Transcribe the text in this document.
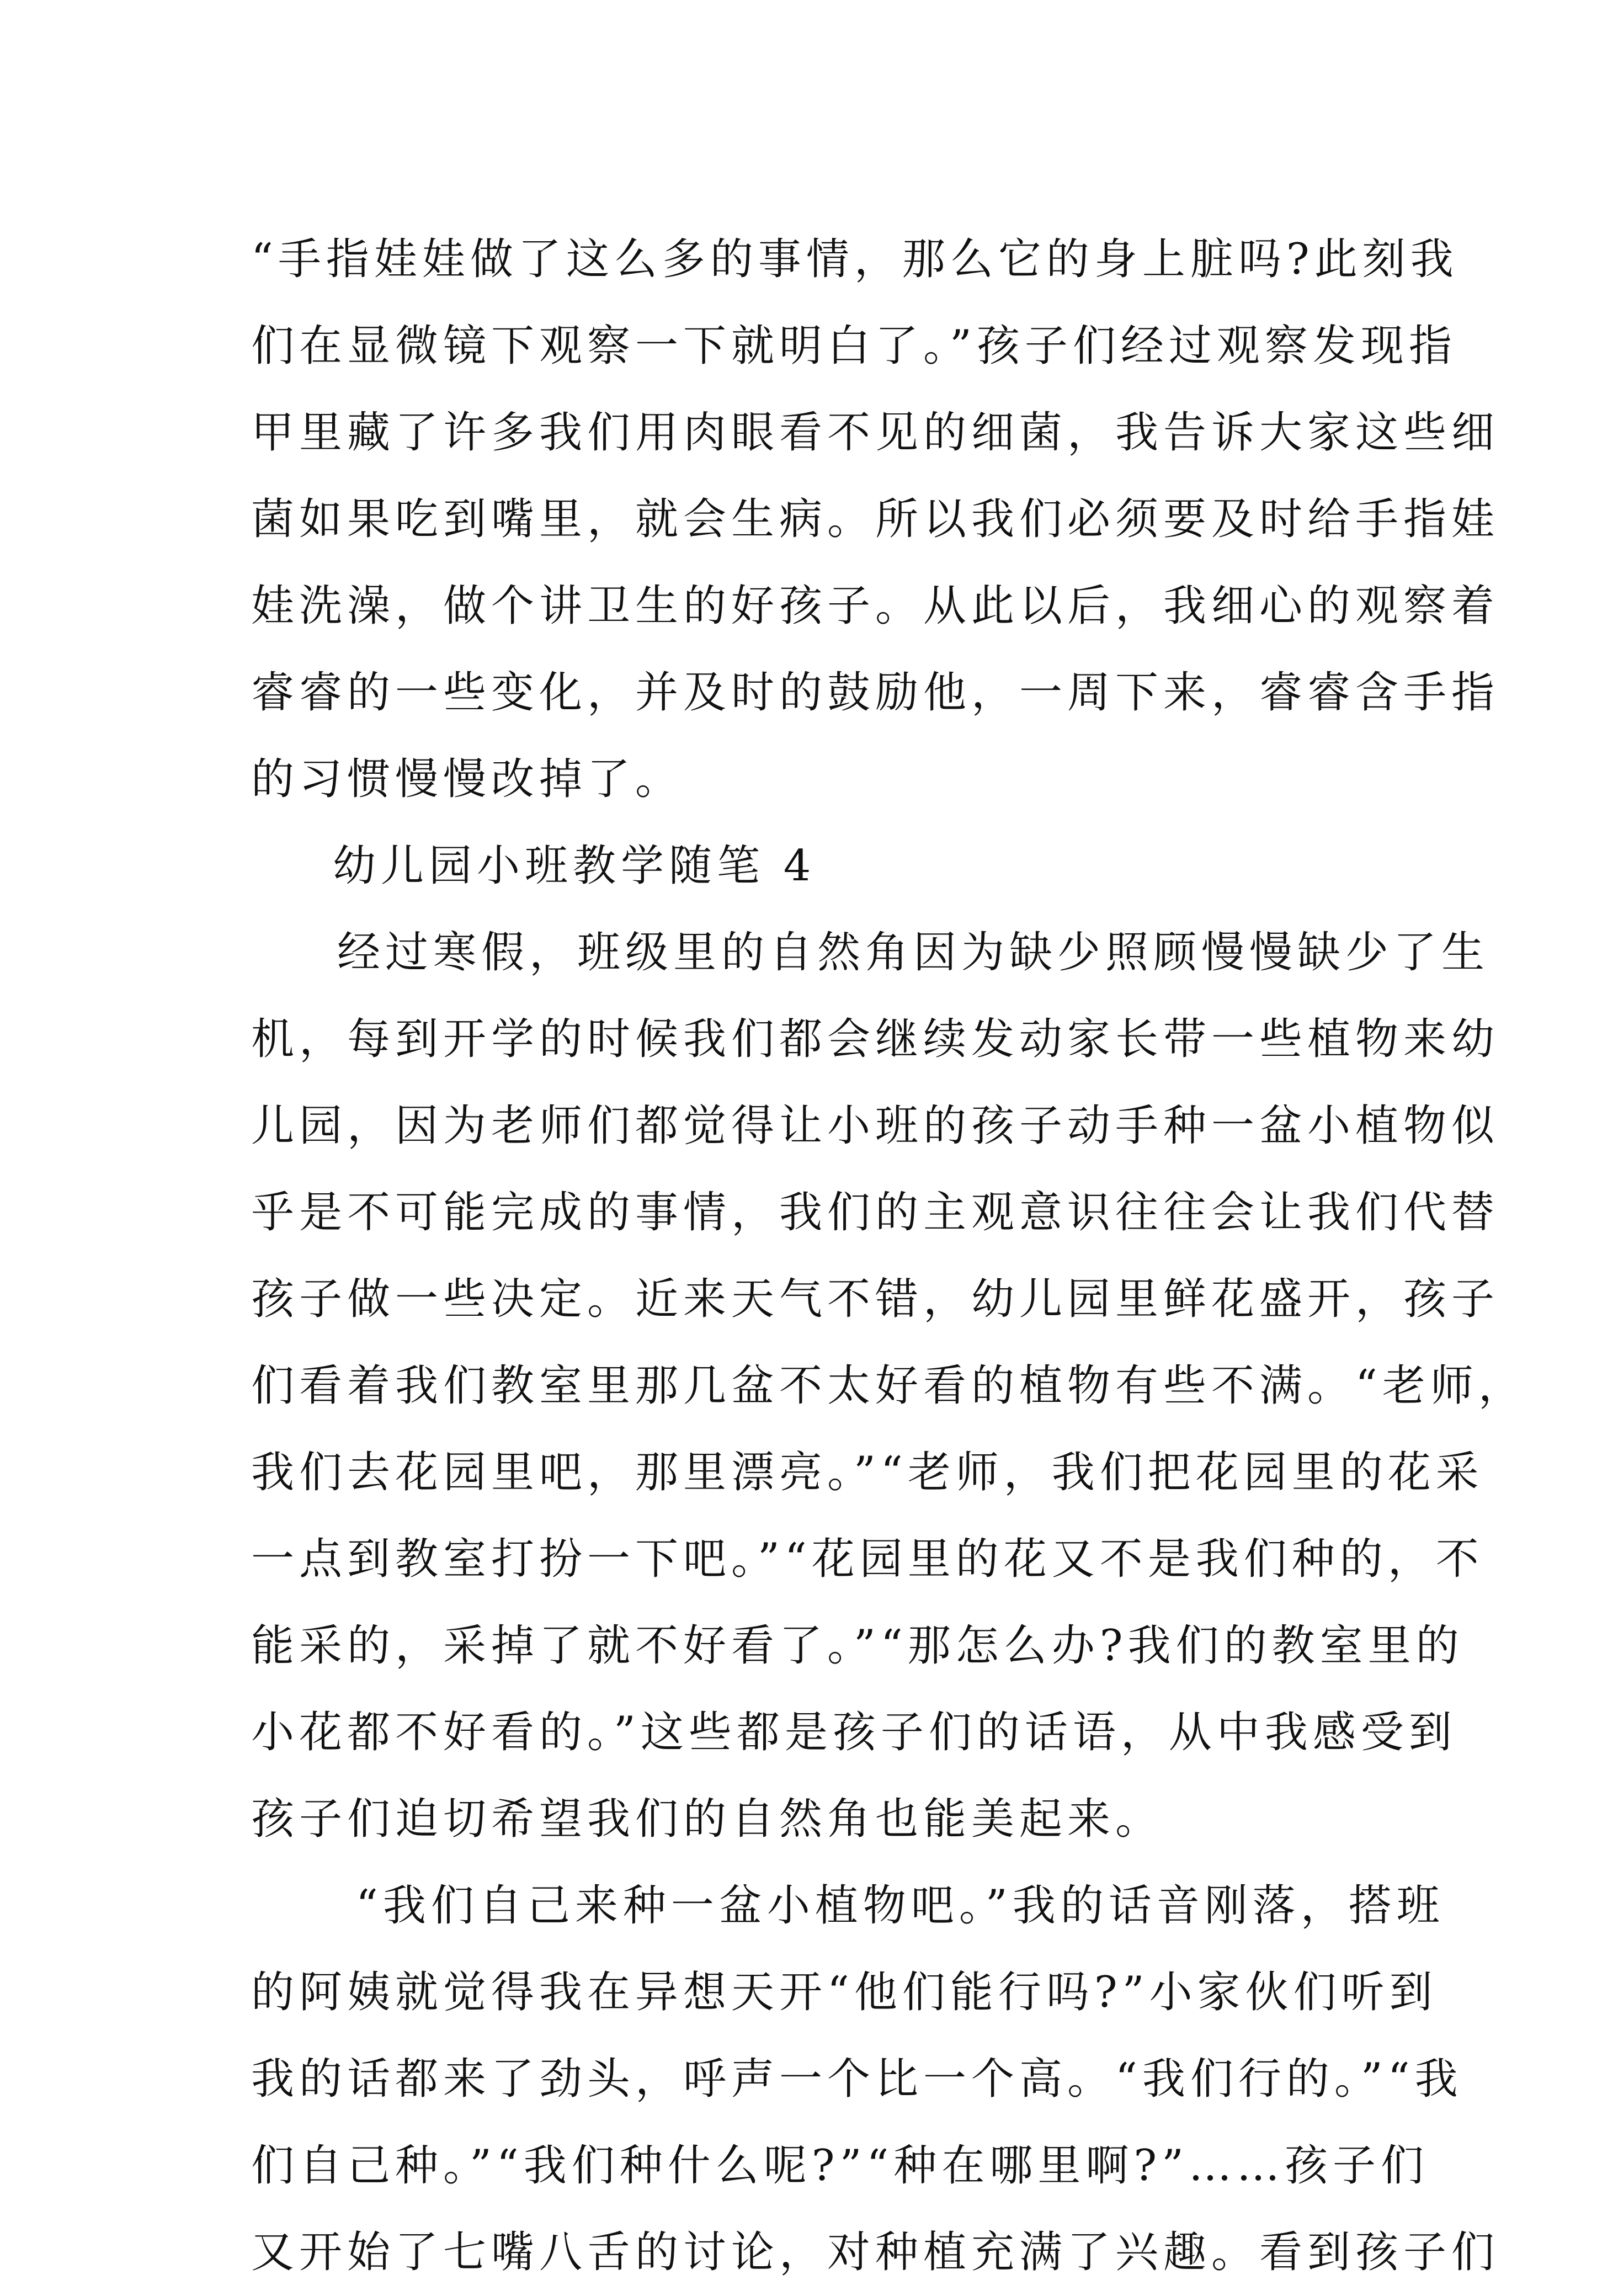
“手指娃娃做了这么多的事情，那么它的身上脏吗?此刻我
们在显微镜下观察一下就明白了。”孩子们经过观察发现指
甲里藏了许多我们用肉眼看不见的细菌，我告诉大家这些细
菌如果吃到嘴里，就会生病。所以我们必须要及时给手指娃
娃洗澡，做个讲卫生的好孩子。从此以后，我细心的观察着
睿睿的一些变化，并及时的鼓励他，一周下来，睿睿含手指
的习惯慢慢改掉了。
幼儿园小班教学随笔 4
经过寒假，班级里的自然角因为缺少照顾慢慢缺少了生
机，每到开学的时候我们都会继续发动家长带一些植物来幼
儿园，因为老师们都觉得让小班的孩子动手种一盆小植物似
乎是不可能完成的事情，我们的主观意识往往会让我们代替
孩子做一些决定。近来天气不错，幼儿园里鲜花盛开，孩子
们看着我们教室里那几盆不太好看的植物有些不满。“老师，
我们去花园里吧，那里漂亮。”“老师，我们把花园里的花采
一点到教室打扮一下吧。”“花园里的花又不是我们种的，不
能采的，采掉了就不好看了。”“那怎么办?我们的教室里的
小花都不好看的。”这些都是孩子们的话语，从中我感受到
孩子们迫切希望我们的自然角也能美起来。
“我们自己来种一盆小植物吧。”我的话音刚落，搭班
的阿姨就觉得我在异想天开“他们能行吗?”小家伙们听到
我的话都来了劲头，呼声一个比一个高。“我们行的。”“我
们自己种。”“我们种什么呢?”“种在哪里啊?”……孩子们
又开始了七嘴八舌的讨论，对种植充满了兴趣。看到孩子们
